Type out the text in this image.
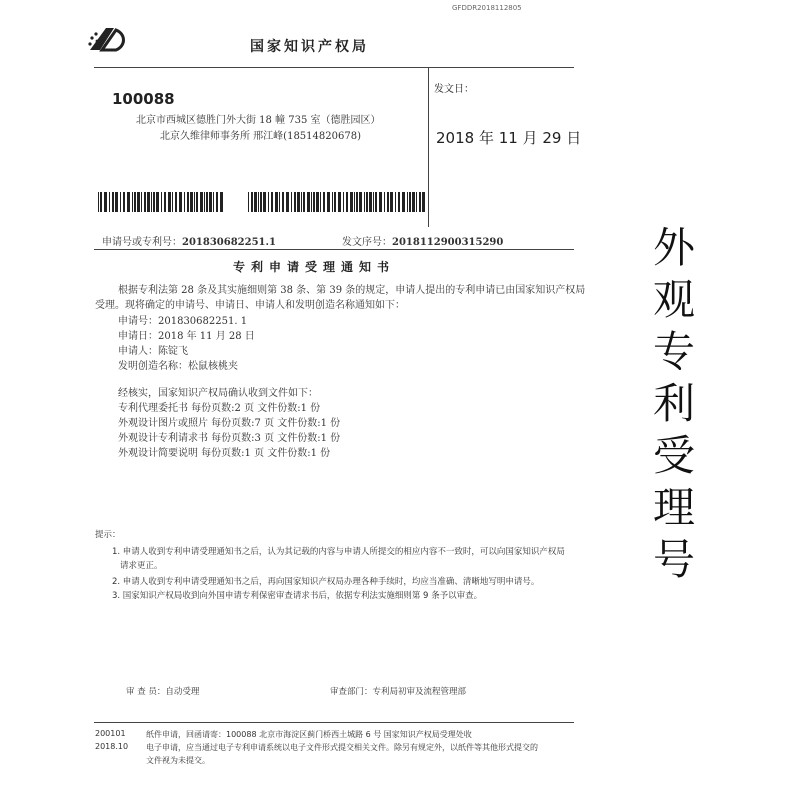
GFDDR2018112805
国家知识产权局
100088
北京市西城区德胜门外大街 18 幢 735 室（德胜园区）
北京久维律师事务所 邢江峰(18514820678)
发文日：
2018 年 11 月 29 日
申请号或专利号：201830682251.1	发文序号：2018112900315290
专利申请受理通知书
根据专利法第 28 条及其实施细则第 38 条、第 39 条的规定，申请人提出的专利申请已由国家知识产权局
受理。现将确定的申请号、申请日、申请人和发明创造名称通知如下：
申请号：201830682251. 1
申请日：2018 年 11 月 28 日
申请人：陈锭飞
发明创造名称：松鼠核桃夹
经核实，国家知识产权局确认收到文件如下：
专利代理委托书 每份页数:2 页 文件份数:1 份
外观设计图片或照片 每份页数:7 页 文件份数:1 份
外观设计专利请求书 每份页数:3 页 文件份数:1 份
外观设计简要说明 每份页数:1 页 文件份数:1 份
提示：
1. 申请人收到专利申请受理通知书之后，认为其记载的内容与申请人所提交的相应内容不一致时，可以向国家知识产权局
请求更正。
2. 申请人收到专利申请受理通知书之后，再向国家知识产权局办理各种手续时，均应当准确、清晰地写明申请号。
3. 国家知识产权局收到向外国申请专利保密审查请求书后，依据专利法实施细则第 9 条予以审查。
审 查 员：自动受理	审查部门：专利局初审及流程管理部
200101	纸件申请，回函请寄：100088 北京市海淀区蓟门桥西土城路 6 号 国家知识产权局受理处收
2018.10 电子申请，应当通过电子专利申请系统以电子文件形式提交相关文件。除另有规定外，以纸件等其他形式提交的
文件视为未提交。
外
观
专
利
受
理
号
